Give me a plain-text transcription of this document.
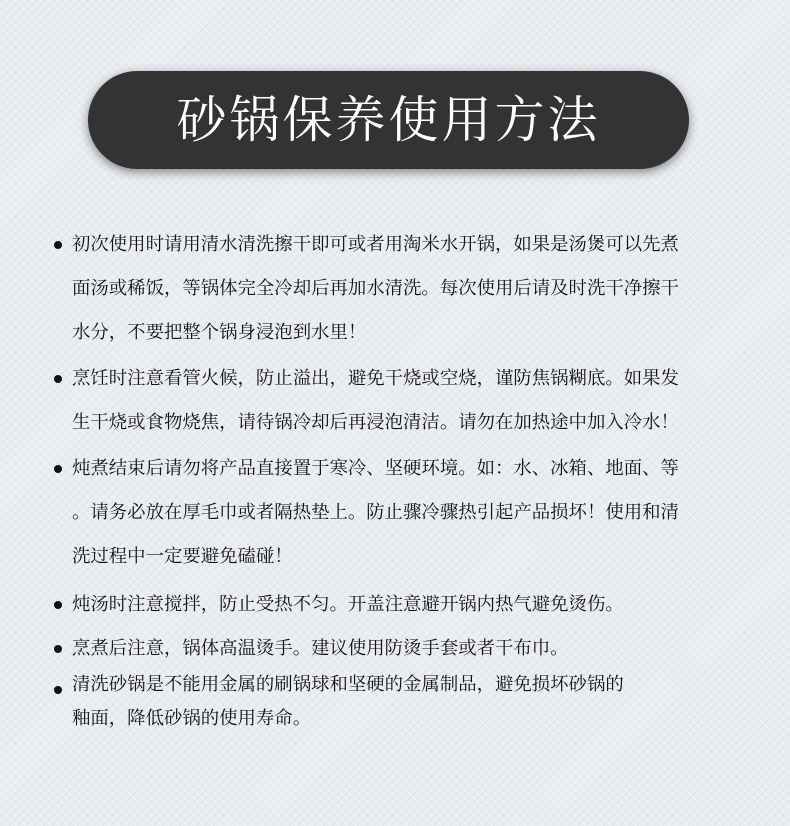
砂锅保养使用方法
初次使用时请用清水清洗擦干即可或者用淘米水开锅，如果是汤煲可以先煮
面汤或稀饭，等锅体完全冷却后再加水清洗。每次使用后请及时洗干净擦干
水分，不要把整个锅身浸泡到水里！
烹饪时注意看管火候，防止溢出，避免干烧或空烧，谨防焦锅糊底。如果发
生干烧或食物烧焦，请待锅冷却后再浸泡清洁。请勿在加热途中加入冷水！
炖煮结束后请勿将产品直接置于寒冷、坚硬环境。如：水、冰箱、地面、等
。请务必放在厚毛巾或者隔热垫上。防止骤冷骤热引起产品损坏！使用和清
洗过程中一定要避免磕碰！
炖汤时注意搅拌，防止受热不匀。开盖注意避开锅内热气避免烫伤。
烹煮后注意，锅体高温烫手。建议使用防烫手套或者干布巾。
清洗砂锅是不能用金属的刷锅球和坚硬的金属制品，避免损坏砂锅的
釉面，降低砂锅的使用寿命。
